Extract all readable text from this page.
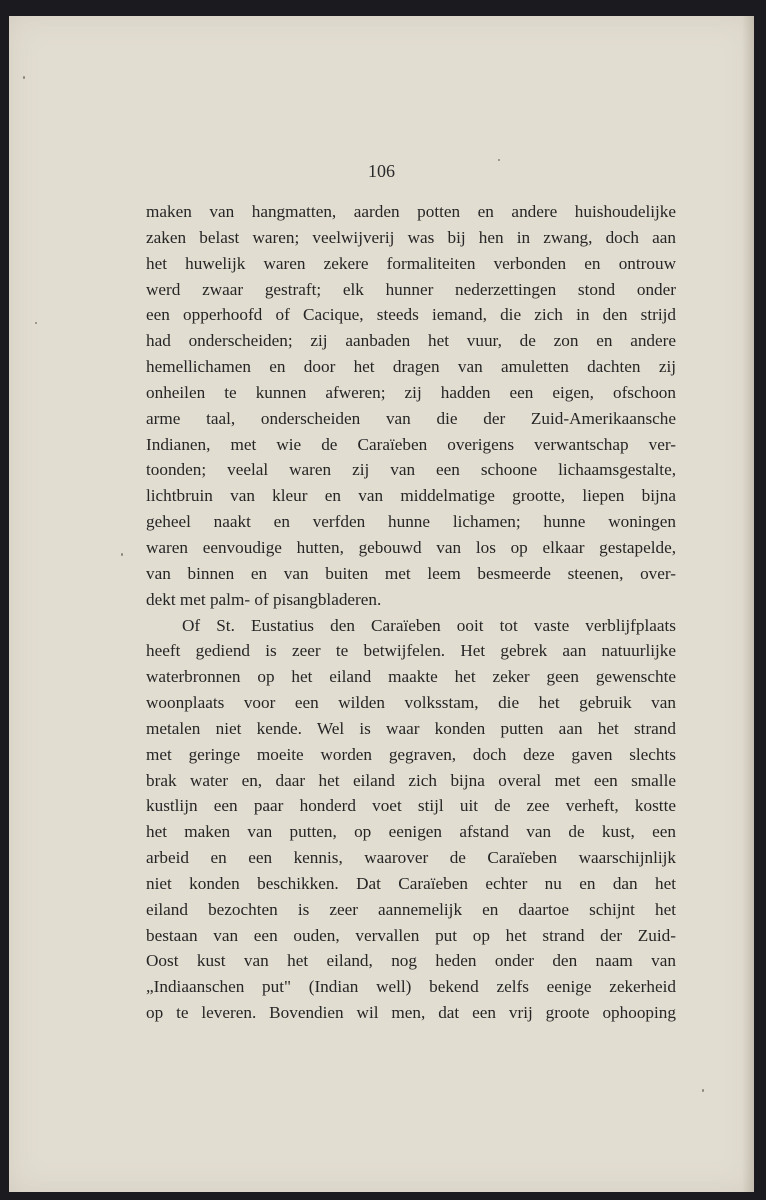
106
maken van hangmatten, aarden potten en andere huishoudelijke
zaken belast waren; veelwijverij was bij hen in zwang, doch aan
het huwelijk waren zekere formaliteiten verbonden en ontrouw
werd zwaar gestraft; elk hunner nederzettingen stond onder
een opperhoofd of Cacique, steeds iemand, die zich in den strijd
had onderscheiden; zij aanbaden het vuur, de zon en andere
hemellichamen en door het dragen van amuletten dachten zij
onheilen te kunnen afweren; zij hadden een eigen, ofschoon
arme taal, onderscheiden van die der Zuid-Amerikaansche
Indianen, met wie de Caraïeben overigens verwantschap ver-
toonden; veelal waren zij van een schoone lichaamsgestalte,
lichtbruin van kleur en van middelmatige grootte, liepen bijna
geheel naakt en verfden hunne lichamen; hunne woningen
waren eenvoudige hutten, gebouwd van los op elkaar gestapelde,
van binnen en van buiten met leem besmeerde steenen, over-
dekt met palm- of pisangbladeren.
Of St. Eustatius den Caraïeben ooit tot vaste verblijfplaats
heeft gediend is zeer te betwijfelen. Het gebrek aan natuurlijke
waterbronnen op het eiland maakte het zeker geen gewenschte
woonplaats voor een wilden volksstam, die het gebruik van
metalen niet kende. Wel is waar konden putten aan het strand
met geringe moeite worden gegraven, doch deze gaven slechts
brak water en, daar het eiland zich bijna overal met een smalle
kustlijn een paar honderd voet stijl uit de zee verheft, kostte
het maken van putten, op eenigen afstand van de kust, een
arbeid en een kennis, waarover de Caraïeben waarschijnlijk
niet konden beschikken. Dat Caraïeben echter nu en dan het
eiland bezochten is zeer aannemelijk en daartoe schijnt het
bestaan van een ouden, vervallen put op het strand der Zuid-
Oost kust van het eiland, nog heden onder den naam van
„Indiaanschen put" (Indian well) bekend zelfs eenige zekerheid
op te leveren. Bovendien wil men, dat een vrij groote ophooping
